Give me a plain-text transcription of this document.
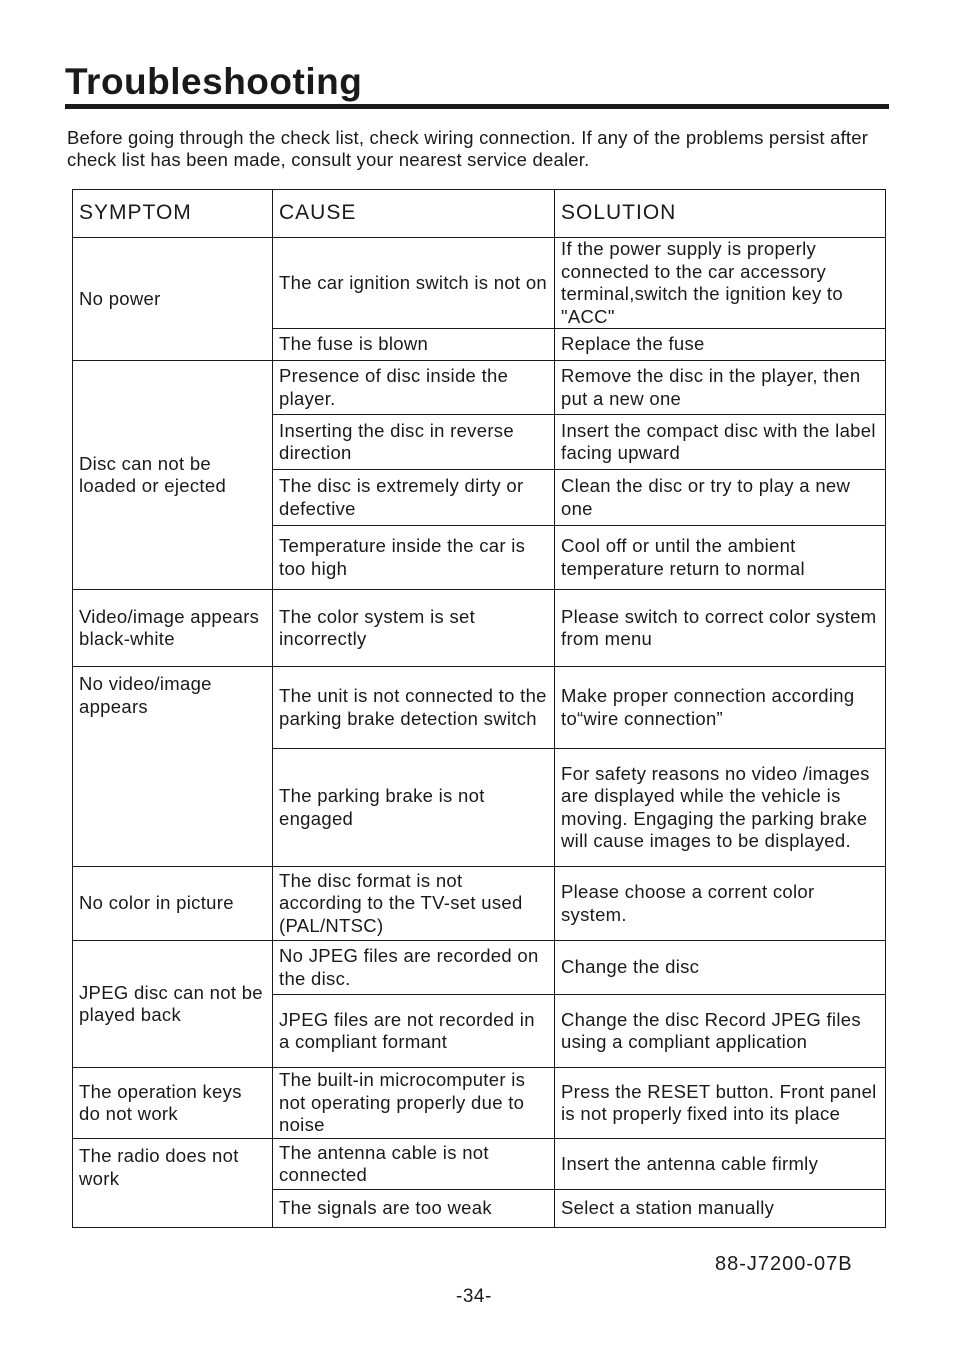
Troubleshooting

Before going through the check list, check wiring connection. If any of the problems persist after check list has been made, consult your nearest service dealer.

SYMPTOM	CAUSE	SOLUTION
No power	The car ignition switch is not on	If the power supply is properly connected to the car accessory terminal,switch the ignition key to "ACC"
	The fuse is blown	Replace the fuse
Disc can not be loaded or ejected	Presence of disc inside the player.	Remove the disc in the player, then put a new one
	Inserting the disc in reverse direction	Insert the compact disc with the label facing upward
	The disc is extremely dirty or defective	Clean the disc or try to play a new one
	Temperature inside the car is too high	Cool off or until the ambient temperature return to normal
Video/image appears black-white	The color system is set incorrectly	Please switch to correct color system from menu
No video/image appears	The unit is not connected to the parking brake detection switch	Make proper connection according to“wire connection”
	The parking brake is not engaged	For safety reasons no video /images are displayed while the vehicle is moving. Engaging the parking brake will cause images to be displayed.
No color in picture	The disc format is not according to the TV-set used (PAL/NTSC)	Please choose a corrent color system.
JPEG disc can not be played back	No JPEG files are recorded on the disc.	Change the disc
	JPEG files are not recorded in a compliant formant	Change the disc Record JPEG files using a compliant application
The operation keys do not work	The built-in microcomputer is not operating properly due to noise	Press the RESET button. Front panel is not properly fixed into its place
The radio does not work	The antenna cable is not connected	Insert the antenna cable firmly
	The signals are too weak	Select a station manually
88-J7200-07B
-34-
